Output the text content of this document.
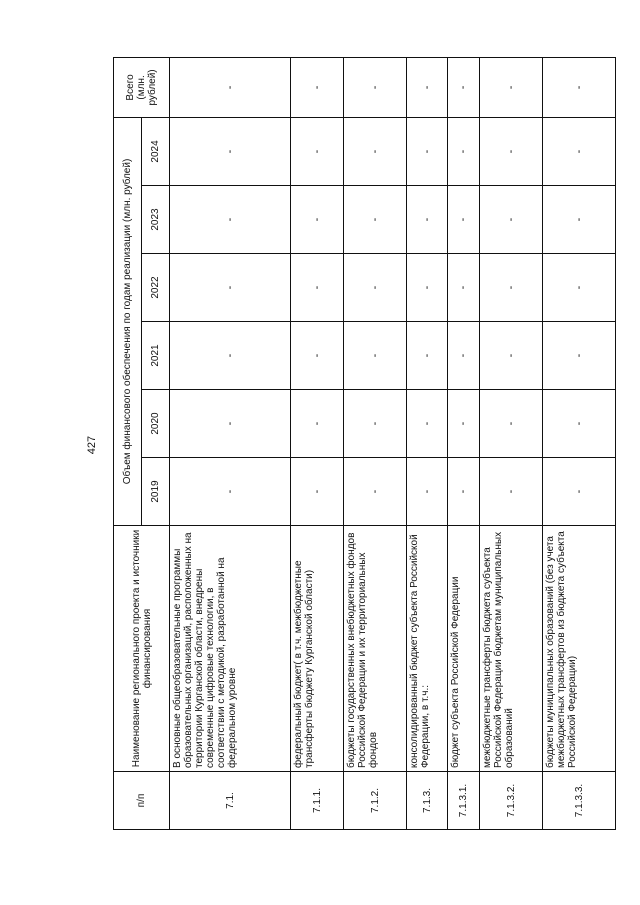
427
п/п	Наименование регионального проекта и источники финансирования	Объем финансового обеспечения по годам реализации (млн. рублей)						Всего (млн. рублей)
		2019	2020	2021	2022	2023	2024	
7.1.	В основные общеобразовательные программы образовательных организаций, расположенных на территории Курганской области, внедрены современные цифровые технологии, в соответствии с методикой, разработанной на федеральном уровне	-	-	-	-	-	-	-
7.1.1.	федеральный бюджет( в т.ч. межбюджетные трансферты бюджету Курганской области)	-	-	-	-	-	-	-
7.1.2.	бюджеты государственных внебюджетных фондов Российской Федерации и их территориальных фондов	-	-	-	-	-	-	-
7.1.3.	консолидированный бюджет субъекта Российской Федерации, в т.ч.:	-	-	-	-	-	-	-
7.1.3.1.	бюджет субъекта Российской Федерации	-	-	-	-	-	-	-
7.1.3.2.	межбюджетные трансферты бюджета субъекта Российской Федерации бюджетам муниципальных образований	-	-	-	-	-	-	-
7.1.3.3.	бюджеты муниципальных образований (без учета межбюджетных трансфертов из бюджета субъекта Российской Федерации)	-	-	-	-	-	-	-
